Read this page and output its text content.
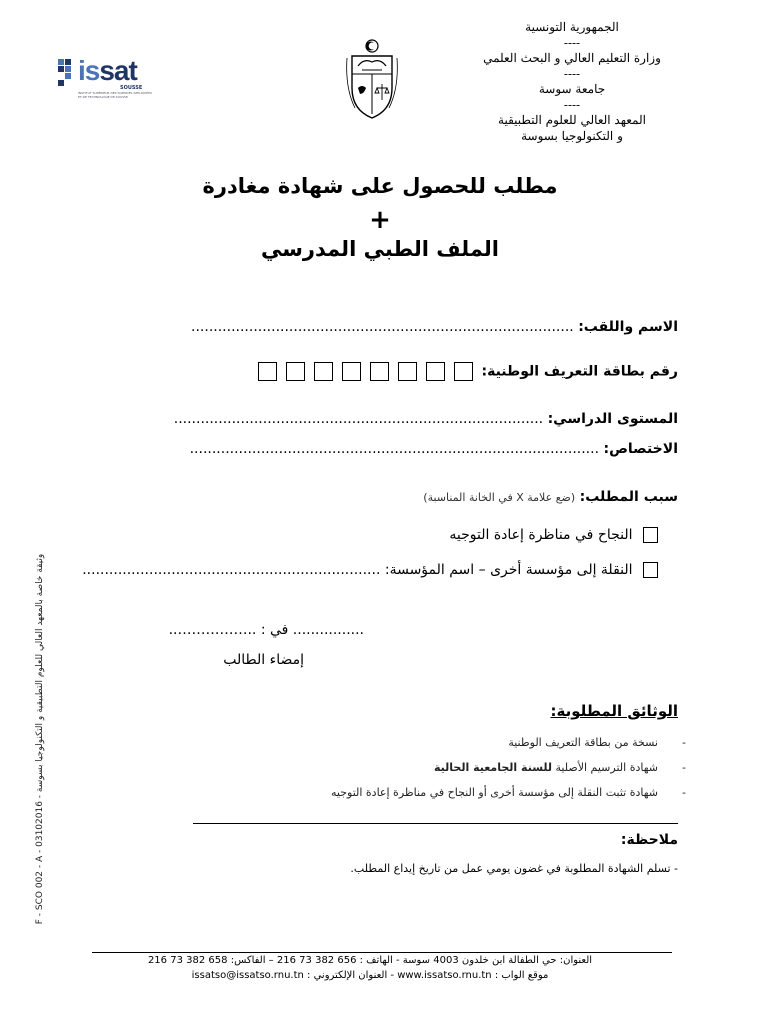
issat
SOUSSE
INSTITUT SUPÉRIEUR DES SCIENCES APPLIQUÉES
ET DE TECHNOLOGIE DE SOUSSE
الجمهورية التونسية
----
وزارة التعليم العالي و البحث العلمي
----
جامعة سوسة
----
المعهد العالي للعلوم التطبيقية
و التكنولوجيا بسوسة
مطلب للحصول على شهادة مغادرة
+
الملف الطبي المدرسي
الاسم واللقب: ......................................................................................
رقم بطاقة التعريف الوطنية:
المستوى الدراسي: ...................................................................................
الاختصاص: ............................................................................................
سبب المطلب: (ضع علامة X في الخانة المناسبة)
النجاح في مناظرة إعادة التوجيه
النقلة إلى مؤسسة أخرى – اسم المؤسسة: ...................................................................
................ في : ..……………..
إمضاء الطالب
الوثائق المطلوبة:
-
نسخة من بطاقة التعريف الوطنية
-
شهادة الترسيم الأصلية للسنة الجامعية الحالية
-
شهادة تثبت النقلة إلى مؤسسة أخرى أو النجاح في مناظرة إعادة التوجيه
ملاحظة:
- تسلم الشهادة المطلوبة في غضون يومي عمل من تاريخ إيداع المطلب.
وثيقة خاصة بالمعهد العالي للعلوم التطبيقية و التكنولوجيا بسوسة - F - SCO 002 - A - 03102016
العنوان: حي الطفالة ابن خلدون 4003 سوسة - الهاتف : 656 382 73 216 – الفاكس: 658 382 73 216
موقع الواب : www.issatso.rnu.tn - العنوان الإلكتروني : issatso@issatso.rnu.tn
